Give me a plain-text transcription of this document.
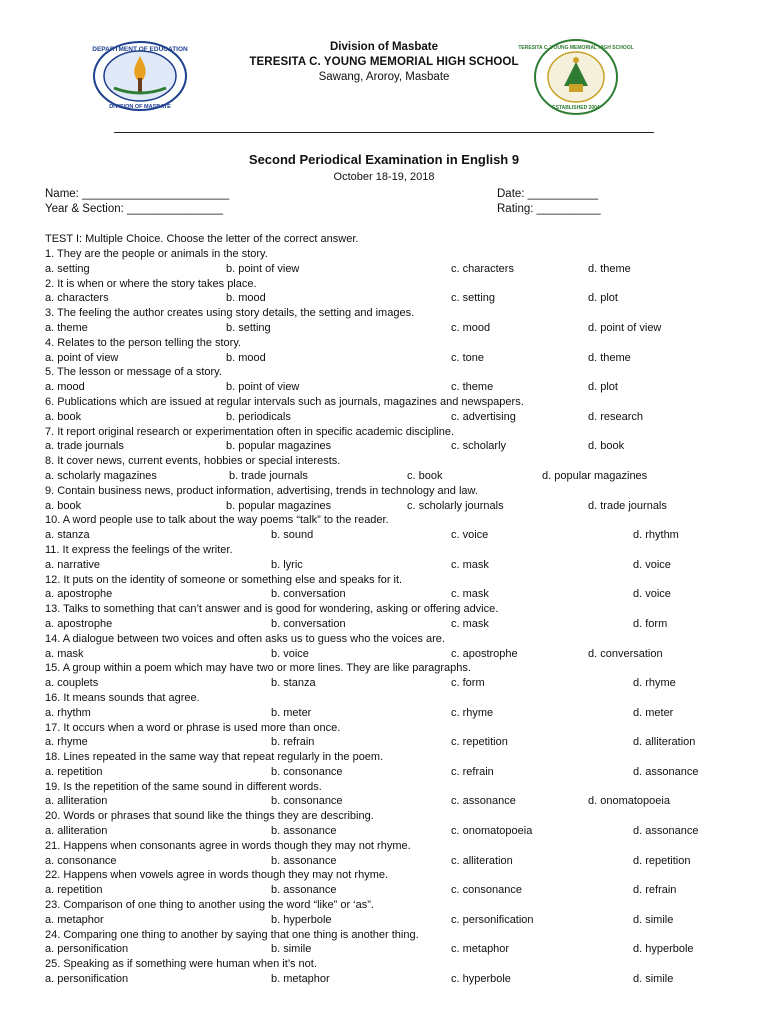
DEPARTMENT OF EDUCATION
DIVISION OF MASBATE
Division of Masbate
TERESITA C. YOUNG MEMORIAL HIGH SCHOOL
Sawang, Aroroy, Masbate
TERESITA C. YOUNG MEMORIAL HIGH SCHOOL
ESTABLISHED 2004
Second Periodical Examination in English 9
October 18-19, 2018
Name: _______________________
Year & Section: _______________
Date: ___________
Rating: __________
TEST I: Multiple Choice. Choose the letter of the correct answer.
1. They are the people or animals in the story.
a. setting	b. point of view	c. characters	d. theme
2. It is when or where the story takes place.
a. characters	b. mood	c. setting	d. plot
3. The feeling the author creates using story details, the setting and images.
a. theme	b. setting	c. mood	d. point of view
4. Relates to the person telling the story.
a. point of view	b. mood	c. tone	d. theme
5. The lesson or message of a story.
a. mood	b. point of view	c. theme	d. plot
6. Publications which are issued at regular intervals such as journals, magazines and newspapers.
a. book	b. periodicals	c. advertising	d. research
7. It report original research or experimentation often in specific academic discipline.
a. trade journals	b. popular magazines	c. scholarly	d. book
8. It cover news, current events, hobbies or special interests.
a. scholarly magazines	b. trade journals	c. book	d. popular magazines
9. Contain business news, product information, advertising, trends in technology and law.
a. book	b. popular magazines	c. scholarly journals	d. trade journals
10. A word people use to talk about the way poems “talk” to the reader.
a. stanza	b. sound	c. voice	d. rhythm
11. It express the feelings of the writer.
a. narrative	b. lyric	c. mask	d. voice
12. It puts on the identity of someone or something else and speaks for it.
a. apostrophe	b. conversation	c. mask	d. voice
13. Talks to something that can’t answer and is good for wondering, asking or offering advice.
a. apostrophe	b. conversation	c. mask	d. form
14. A dialogue between two voices and often asks us to guess who the voices are.
a. mask	b. voice	c. apostrophe	d. conversation
15. A group within a poem which may have two or more lines. They are like paragraphs.
a. couplets	b. stanza	c. form	d. rhyme
16. It means sounds that agree.
a. rhythm	b. meter	c. rhyme	d. meter
17. It occurs when a word or phrase is used more than once.
a. rhyme	b. refrain	c. repetition	d. alliteration
18. Lines repeated in the same way that repeat regularly in the poem.
a. repetition	b. consonance	c. refrain	d. assonance
19. Is the repetition of the same sound in different words.
a. alliteration	b. consonance	c. assonance	d. onomatopoeia
20. Words or phrases that sound like the things they are describing.
a. alliteration	b. assonance	c. onomatopoeia	d. assonance
21. Happens when consonants agree in words though they may not rhyme.
a. consonance	b. assonance	c. alliteration	d. repetition
22. Happens when vowels agree in words though they may not rhyme.
a. repetition	b. assonance	c. consonance	d. refrain
23. Comparison of one thing to another using the word “like” or ‘as”.
a. metaphor	b. hyperbole	c. personification	d. simile
24. Comparing one thing to another by saying that one thing is another thing.
a. personification	b. simile	c. metaphor	d. hyperbole
25. Speaking as if something were human when it’s not.
a. personification	b. metaphor	c. hyperbole	d. simile
